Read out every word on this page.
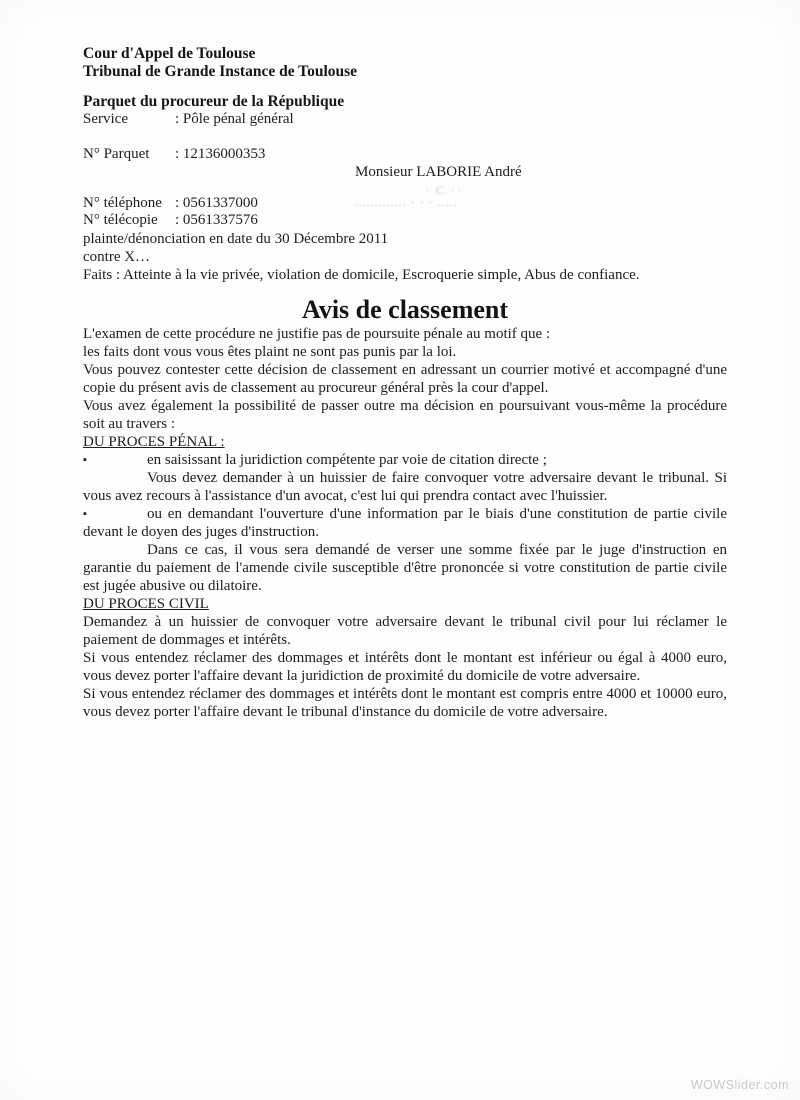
Cour d'Appel de Toulouse
Tribunal de Grande Instance de Toulouse
Parquet du procureur de la République
Service	: Pôle pénal général
N° Parquet : 12136000353
N° téléphone : 0561337000
N° télécopie : 0561337576
Monsieur LABORIE André
· C ··
............. · · · .....

plainte/dénonciation en date du 30 Décembre 2011

contre X…

Faits : Atteinte à la vie privée, violation de domicile, Escroquerie simple, Abus de confiance.

Avis de classement

L'examen de cette procédure ne justifie pas de poursuite pénale au motif que :

les faits dont vous vous êtes plaint ne sont pas punis par la loi.

Vous pouvez contester cette décision de classement en adressant un courrier motivé et accompagné d'une copie du présent avis de classement au procureur général près la cour d'appel.

Vous avez également la possibilité de passer outre ma décision en poursuivant vous-même la procédure soit au travers :

DU PROCES PÉNAL :

▪	en saisissant la juridiction compétente par voie de citation directe ;

Vous devez demander à un huissier de faire convoquer votre adversaire devant le tribunal. Si vous avez recours à l'assistance d'un avocat, c'est lui qui prendra contact avec l'huissier.

▪	ou en demandant l'ouverture d'une information par le biais d'une constitution de partie civile devant le doyen des juges d'instruction.

Dans ce cas, il vous sera demandé de verser une somme fixée par le juge d'instruction en garantie du paiement de l'amende civile susceptible d'être prononcée si votre constitution de partie civile est jugée abusive ou dilatoire.

DU PROCES CIVIL

Demandez à un huissier de convoquer votre adversaire devant le tribunal civil pour lui réclamer le paiement de dommages et intérêts.

Si vous entendez réclamer des dommages et intérêts dont le montant est inférieur ou égal à 4000 euro, vous devez porter l'affaire devant la juridiction de proximité du domicile de votre adversaire.

Si vous entendez réclamer des dommages et intérêts dont le montant est compris entre 4000 et 10000 euro, vous devez porter l'affaire devant le tribunal d'instance du domicile de votre adversaire.

WOWSlider.com
